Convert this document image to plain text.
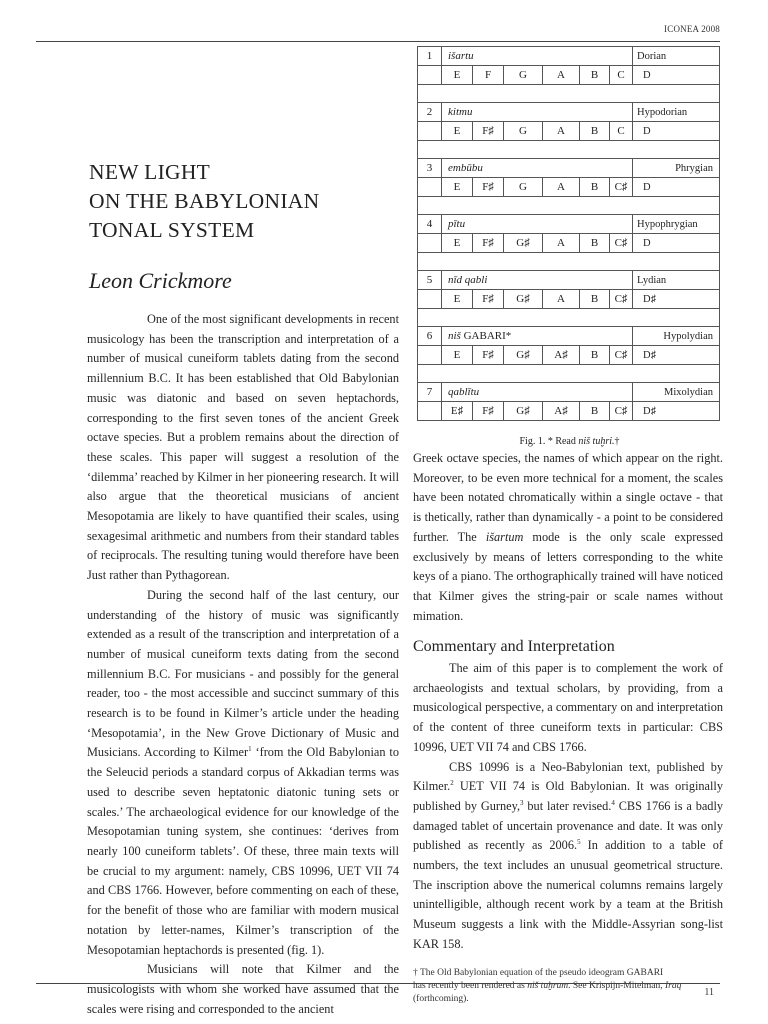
ICONEA 2008
NEW LIGHT
ON THE BABYLONIAN
TONAL SYSTEM
Leon Crickmore

One of the most significant developments in recent musicology has been the transcription and interpretation of a number of musical cuneiform tablets dating from the second millennium B.C. It has been established that Old Babylonian music was diatonic and based on seven heptachords, corresponding to the first seven tones of the ancient Greek octave species. But a problem remains about the direction of these scales. This paper will suggest a resolution of the ‘dilemma’ reached by Kilmer in her pioneering research. It will also argue that the theoretical musicians of ancient Mesopotamia are likely to have quantified their scales, using sexagesimal arithmetic and numbers from their standard tables of reciprocals. The resulting tuning would therefore have been Just rather than Pythagorean.

During the second half of the last century, our understanding of the history of music was significantly extended as a result of the transcription and interpretation of a number of musical cuneiform texts dating from the second millennium B.C. For musicians - and possibly for the general reader, too - the most accessible and succinct summary of this research is to be found in Kilmer’s article under the heading ‘Mesopotamia’, in the New Grove Dictionary of Music and Musicians. According to Kilmer$^1$ ‘from the Old Babylonian to the Seleucid periods a standard corpus of Akkadian terms was used to describe seven heptatonic diatonic tuning sets or scales.’ The archaeological evidence for our knowledge of the Mesopotamian tuning system, she continues: ‘derives from nearly 100 cuneiform tablets’. Of these, three main texts will be crucial to my argument: namely, CBS 10996, UET VII 74 and CBS 1766. However, before commenting on each of these, for the benefit of those who are familiar with modern musical notation by letter-names, Kilmer’s transcription of the Mesopotamian heptachords is presented (fig. 1).

Musicians will note that Kilmer and the musicologists with whom she worked have assumed that the scales were rising and corresponded to the ancient

1	išartu						Dorian
	E	F	G	A	B	C	D

2	kitmu						Hypodorian
	E	F♯	G	A	B	C	D

3	embūbu						Phrygian
	E	F♯	G	A	B	C♯	D

4	pītu						Hypophrygian
	E	F♯	G♯	A	B	C♯	D

5	nīd qabli						Lydian
	E	F♯	G♯	A	B	C♯	D♯

6	niš GABARI*						Hypolydian
	E	F♯	G♯	A♯	B	C♯	D♯

7	qablītu						Mixolydian
	E♯	F♯	G♯	A♯	B	C♯	D♯
Fig. 1. * Read niš tuḫri.†

Greek octave species, the names of which appear on the right. Moreover, to be even more technical for a moment, the scales have been notated chromatically within a single octave - that is thetically, rather than dynamically - a point to be considered further. The išartum mode is the only scale expressed exclusively by means of letters corresponding to the white keys of a piano. The orthographically trained will have noticed that Kilmer gives the string-pair or scale names without mimation.

Commentary and Interpretation

The aim of this paper is to complement the work of archaeologists and textual scholars, by providing, from a musicological perspective, a commentary on and interpretation of the content of three cuneiform texts in particular: CBS 10996, UET VII 74 and CBS 1766.

CBS 10996 is a Neo-Babylonian text, published by Kilmer.$^2$ UET VII 74 is Old Babylonian. It was originally published by Gurney,$^3$ but later revised.$^4$ CBS 1766 is a badly damaged tablet of uncertain provenance and date. It was only published as recently as 2006.$^5$ In addition to a table of numbers, the text includes an unusual geometrical structure. The inscription above the numerical columns remains largely unintelligible, although recent work by a team at the British Museum suggests a link with the Middle-Assyrian song-list KAR 158.

† The Old Babylonian equation of the pseudo ideogram GABARI
has recently been rendered as niš tuḫrum. See Krispijn-Mitelman, Iraq
(forthcoming).
11
